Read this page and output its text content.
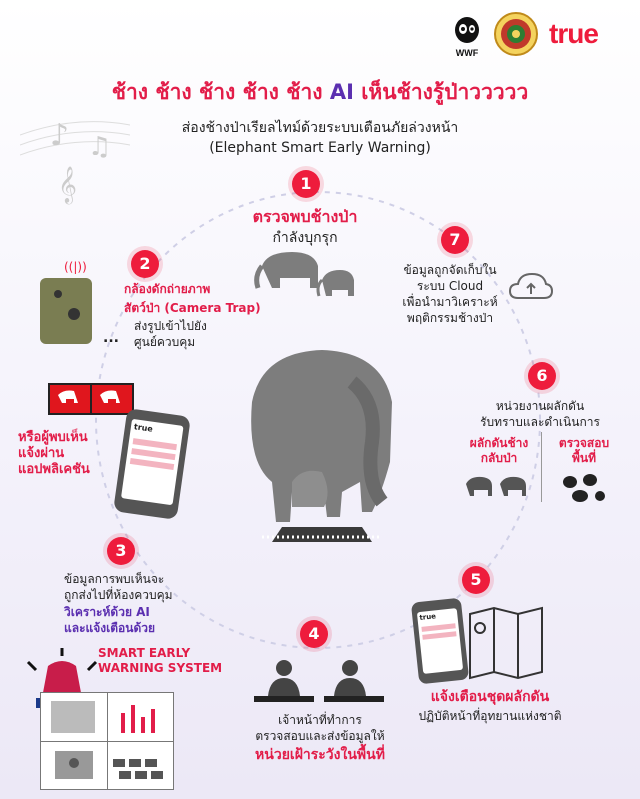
WWF
true
♪ ♫
𝄞
ช้าง ช้าง ช้าง ช้าง ช้าง AI เห็นช้างรู้ป่าววววว
ส่องช้างป่าเรียลไทม์ด้วยระบบเตือนภัยล่วงหน้า
(Elephant Smart Early Warning)
1
ตรวจพบช้างป่า
กำลังบุกรุก
2
((|))
...
กล้องดักถ่ายภาพ
สัตว์ป่า (Camera Trap)
ส่งรูปเข้าไปยัง
ศูนย์ควบคุม
หรือผู้พบเห็น
แจ้งผ่าน
แอปพลิเคชัน
true
3
ข้อมูลการพบเห็นจะ
ถูกส่งไปที่ห้องควบคุม
วิเคราะห์ด้วย AI
และแจ้งเตือนด้วย
SMART EARLY
WARNING SYSTEM
4
เจ้าหน้าที่ทำการ
ตรวจสอบและส่งข้อมูลให้
หน่วยเฝ้าระวังในพื้นที่
5
true
แจ้งเตือนชุดผลักดัน
ปฏิบัติหน้าที่อุทยานแห่งชาติ
6
หน่วยงานผลักดัน
รับทราบและดำเนินการ
ผลักดันช้าง
กลับป่า
ตรวจสอบ
พื้นที่
7
ข้อมูลถูกจัดเก็บใน
ระบบ Cloud
เพื่อนำมาวิเคราะห์
พฤติกรรมช้างป่า
